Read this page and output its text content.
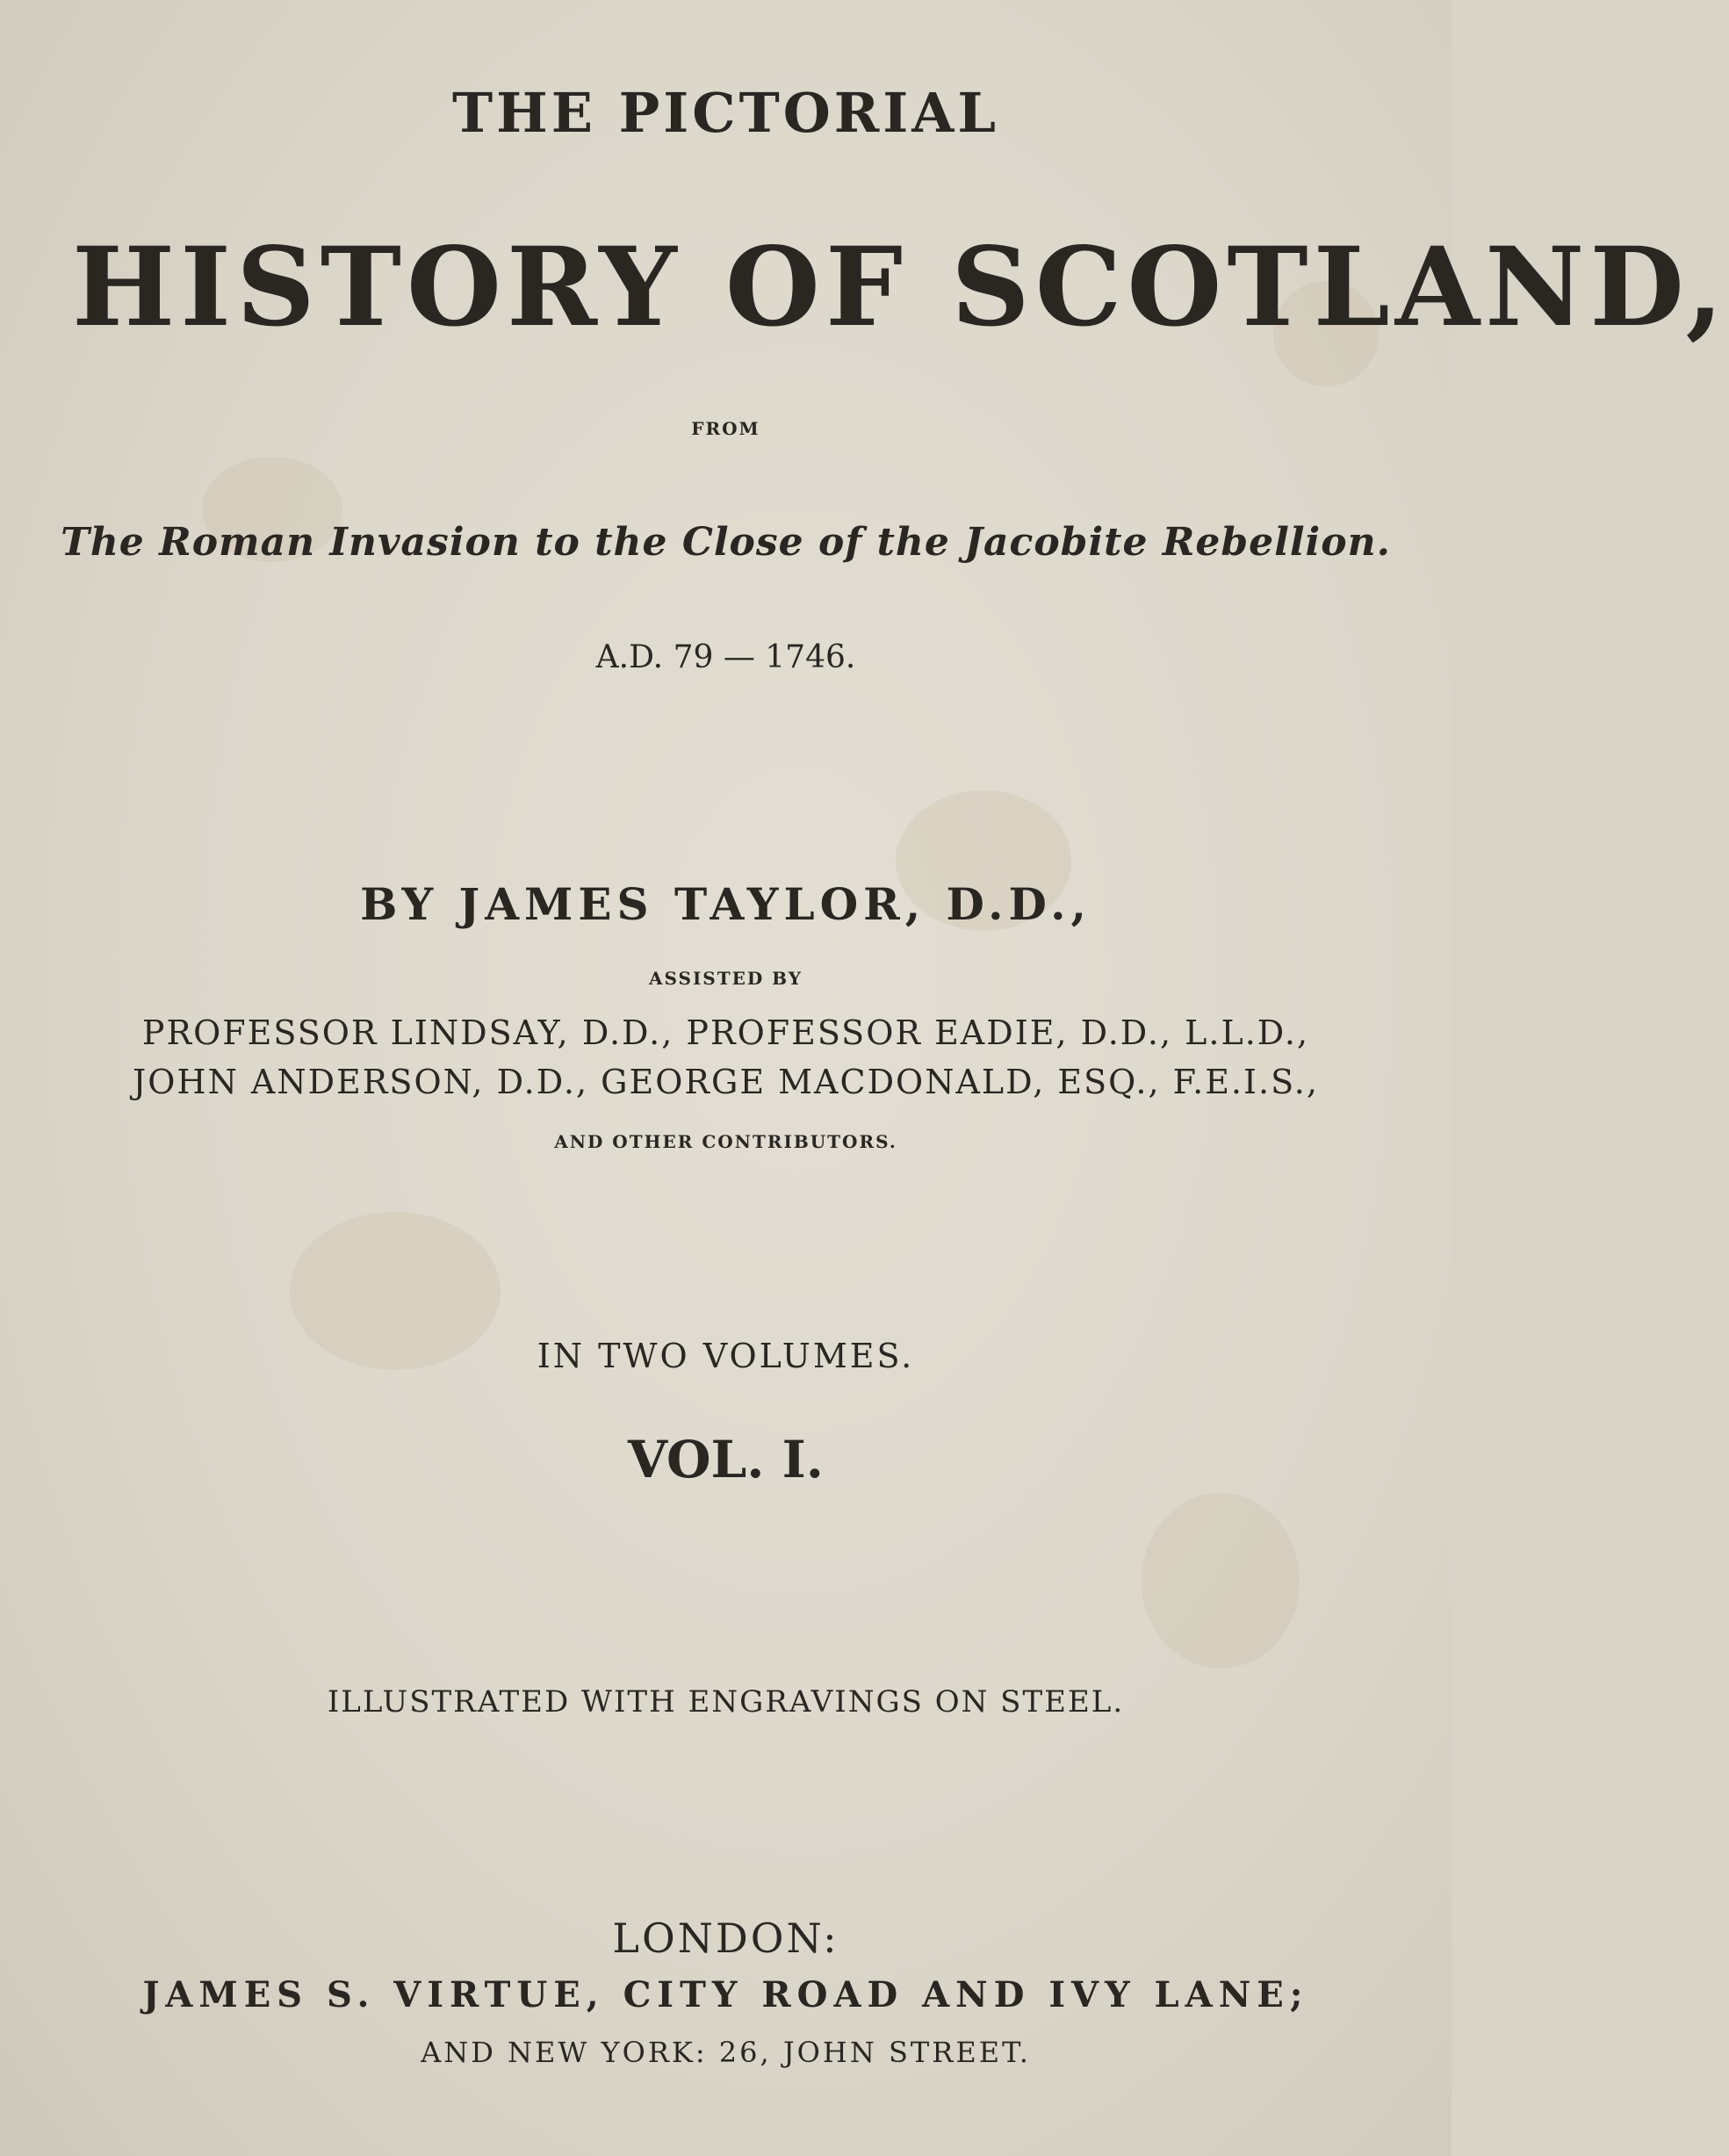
THE PICTORIAL
HISTORY OF SCOTLAND,
FROM
The Roman Invasion to the Close of the Jacobite Rebellion.
A.D. 79 — 1746.
BY JAMES TAYLOR, D.D.,
ASSISTED BY
PROFESSOR LINDSAY, D.D., PROFESSOR EADIE, D.D., L.L.D.,
JOHN ANDERSON, D.D., GEORGE MACDONALD, ESQ., F.E.I.S.,
AND OTHER CONTRIBUTORS.
IN TWO VOLUMES.
VOL. I.
ILLUSTRATED WITH ENGRAVINGS ON STEEL.
LONDON:
JAMES S. VIRTUE, CITY ROAD AND IVY LANE;
AND NEW YORK: 26, JOHN STREET.
